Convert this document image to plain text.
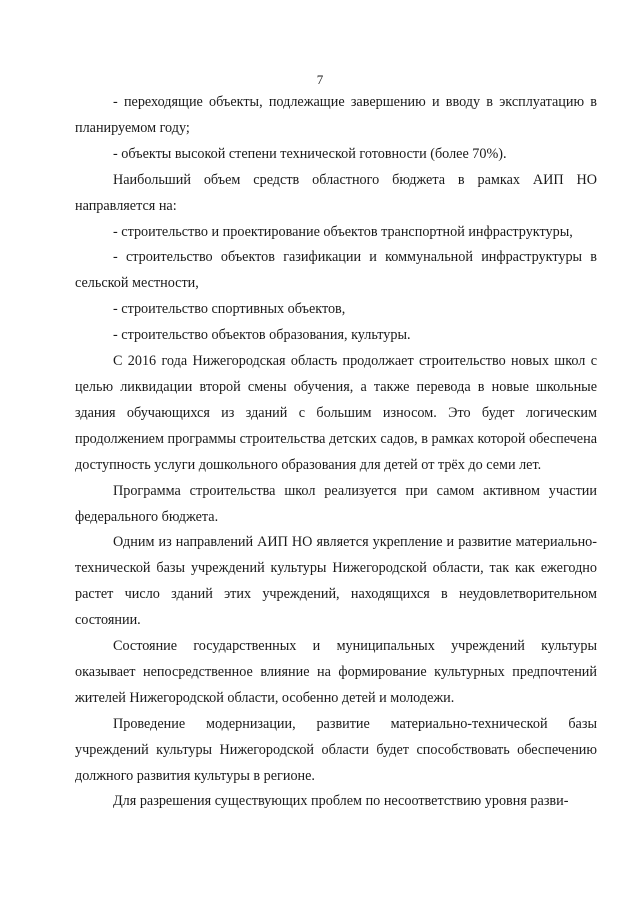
7

- переходящие объекты, подлежащие завершению и вводу в эксплуатацию в планируемом году;

- объекты высокой степени технической готовности (более 70%).

Наибольший объем средств областного бюджета в рамках АИП НО направляется на:

- строительство и проектирование объектов транспортной инфраструктуры,

- строительство объектов газификации и коммунальной инфраструктуры в сельской местности,

- строительство спортивных объектов,

- строительство объектов образования, культуры.

С 2016 года Нижегородская область продолжает строительство новых школ с целью ликвидации второй смены обучения, а также перевода в новые школьные здания обучающихся из зданий с большим износом. Это будет логическим продолжением программы строительства детских садов, в рамках которой обеспечена доступность услуги дошкольного образования для детей от трёх до семи лет.

Программа строительства школ реализуется при самом активном участии федерального бюджета.

Одним из направлений АИП НО является укрепление и развитие материально-технической базы учреждений культуры Нижегородской области, так как ежегодно растет число зданий этих учреждений, находящихся в неудовлетворительном состоянии.

Состояние государственных и муниципальных учреждений культуры оказывает непосредственное влияние на формирование культурных предпочтений жителей Нижегородской области, особенно детей и молодежи.

Проведение модернизации, развитие материально-технической базы учреждений культуры Нижегородской области будет способствовать обеспечению должного развития культуры в регионе.

Для разрешения существующих проблем по несоответствию уровня разви-
